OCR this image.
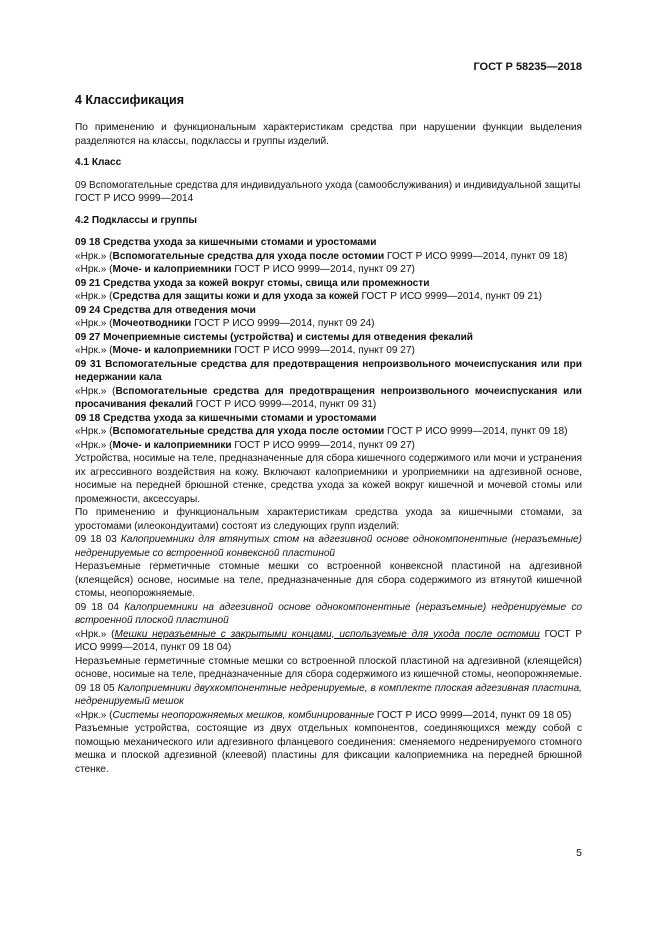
ГОСТ Р 58235—2018
4 Классификация

По применению и функциональным характеристикам средства при нарушении функции выделения разделяются на классы, подклассы и группы изделий.

4.1 Класс

09 Вспомогательные средства для индивидуального ухода (самообслуживания) и индивидуальной защиты

ГОСТ Р ИСО 9999—2014

4.2 Подклассы и группы

09 18 Средства ухода за кишечными стомами и уростомами

«Нрк.» (Вспомогательные средства для ухода после остомии ГОСТ Р ИСО 9999—2014, пункт 09 18)

«Нрк.» (Моче- и калоприемники ГОСТ Р ИСО 9999—2014, пункт 09 27)

09 21 Средства ухода за кожей вокруг стомы, свища или промежности

«Нрк.» (Средства для защиты кожи и для ухода за кожей ГОСТ Р ИСО 9999—2014, пункт 09 21)

09 24 Средства для отведения мочи

«Нрк.» (Мочеотводники ГОСТ Р ИСО 9999—2014, пункт 09 24)

09 27 Мочеприемные системы (устройства) и системы для отведения фекалий

«Нрк.» (Моче- и калоприемники ГОСТ Р ИСО 9999—2014, пункт 09 27)

09 31 Вспомогательные средства для предотвращения непроизвольного мочеиспускания или при недержании кала

«Нрк.» (Вспомогательные средства для предотвращения непроизвольного мочеиспускания или просачивания фекалий ГОСТ Р ИСО 9999—2014, пункт 09 31)

09 18 Средства ухода за кишечными стомами и уростомами

«Нрк.» (Вспомогательные средства для ухода после остомии ГОСТ Р ИСО 9999—2014, пункт 09 18)

«Нрк.» (Моче- и калоприемники ГОСТ Р ИСО 9999—2014, пункт 09 27)

Устройства, носимые на теле, предназначенные для сбора кишечного содержимого или мочи и устранения их агрессивного воздействия на кожу. Включают калоприемники и уроприемники на адгезивной основе, носимые на передней брюшной стенке, средства ухода за кожей вокруг кишечной и мочевой стомы или промежности, аксессуары.

По применению и функциональным характеристикам средства ухода за кишечными стомами, за уростомами (илеокондуитами) состоят из следующих групп изделий:

09 18 03 Калоприемники для втянутых стом на адгезивной основе однокомпонентные (неразъемные) недренируемые со встроенной конвексной пластиной

Неразъемные герметичные стомные мешки со встроенной конвексной пластиной на адгезивной (клеящейся) основе, носимые на теле, предназначенные для сбора содержимого из втянутой кишечной стомы, неопорожняемые.

09 18 04 Калоприемники на адгезивной основе однокомпонентные (неразъемные) недренируемые со встроенной плоской пластиной

«Нрк.» (Мешки неразъемные с закрытыми концами, используемые для ухода после остомии ГОСТ Р ИСО 9999—2014, пункт 09 18 04)

Неразъемные герметичные стомные мешки со встроенной плоской пластиной на адгезивной (клеящейся) основе, носимые на теле, предназначенные для сбора содержимого из кишечной стомы, неопорожняемые.

09 18 05 Калоприемники двухкомпонентные недренируемые, в комплекте плоская адгезивная пластина, недренируемый мешок

«Нрк.» (Системы неопорожняемых мешков, комбинированные ГОСТ Р ИСО 9999—2014, пункт 09 18 05)

Разъемные устройства, состоящие из двух отдельных компонентов, соединяющихся между собой с помощью механического или адгезивного фланцевого соединения: сменяемого недренируемого стомного мешка и плоской адгезивной (клеевой) пластины для фиксации калоприемника на передней брюшной стенке.

5
